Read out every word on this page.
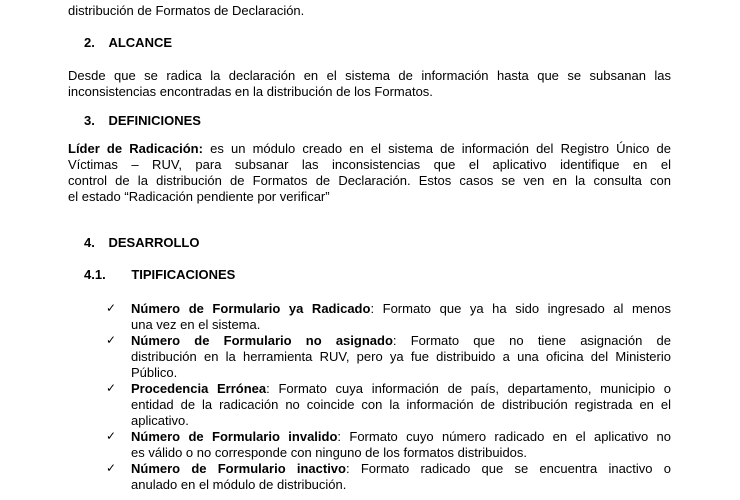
distribución de Formatos de Declaración.
2. ALCANCE
Desde que se radica la declaración en el sistema de información hasta que se subsanan las
inconsistencias encontradas en la distribución de los Formatos.
3. DEFINICIONES
Líder de Radicación: es un módulo creado en el sistema de información del Registro Único de
Víctimas – RUV, para subsanar las inconsistencias que el aplicativo identifique en el
control de la distribución de Formatos de Declaración. Estos casos se ven en la consulta con
el estado “Radicación pendiente por verificar”
4. DESARROLLO
4.1. TIPIFICACIONES
✓ Número de Formulario ya Radicado: Formato que ya ha sido ingresado al menos
una vez en el sistema.
✓ Número de Formulario no asignado: Formato que no tiene asignación de
distribución en la herramienta RUV, pero ya fue distribuido a una oficina del Ministerio
Público.
✓ Procedencia Errónea: Formato cuya información de país, departamento, municipio o
entidad de la radicación no coincide con la información de distribución registrada en el
aplicativo.
✓ Número de Formulario invalido: Formato cuyo número radicado en el aplicativo no
es válido o no corresponde con ninguno de los formatos distribuidos.
✓ Número de Formulario inactivo: Formato radicado que se encuentra inactivo o
anulado en el módulo de distribución.
